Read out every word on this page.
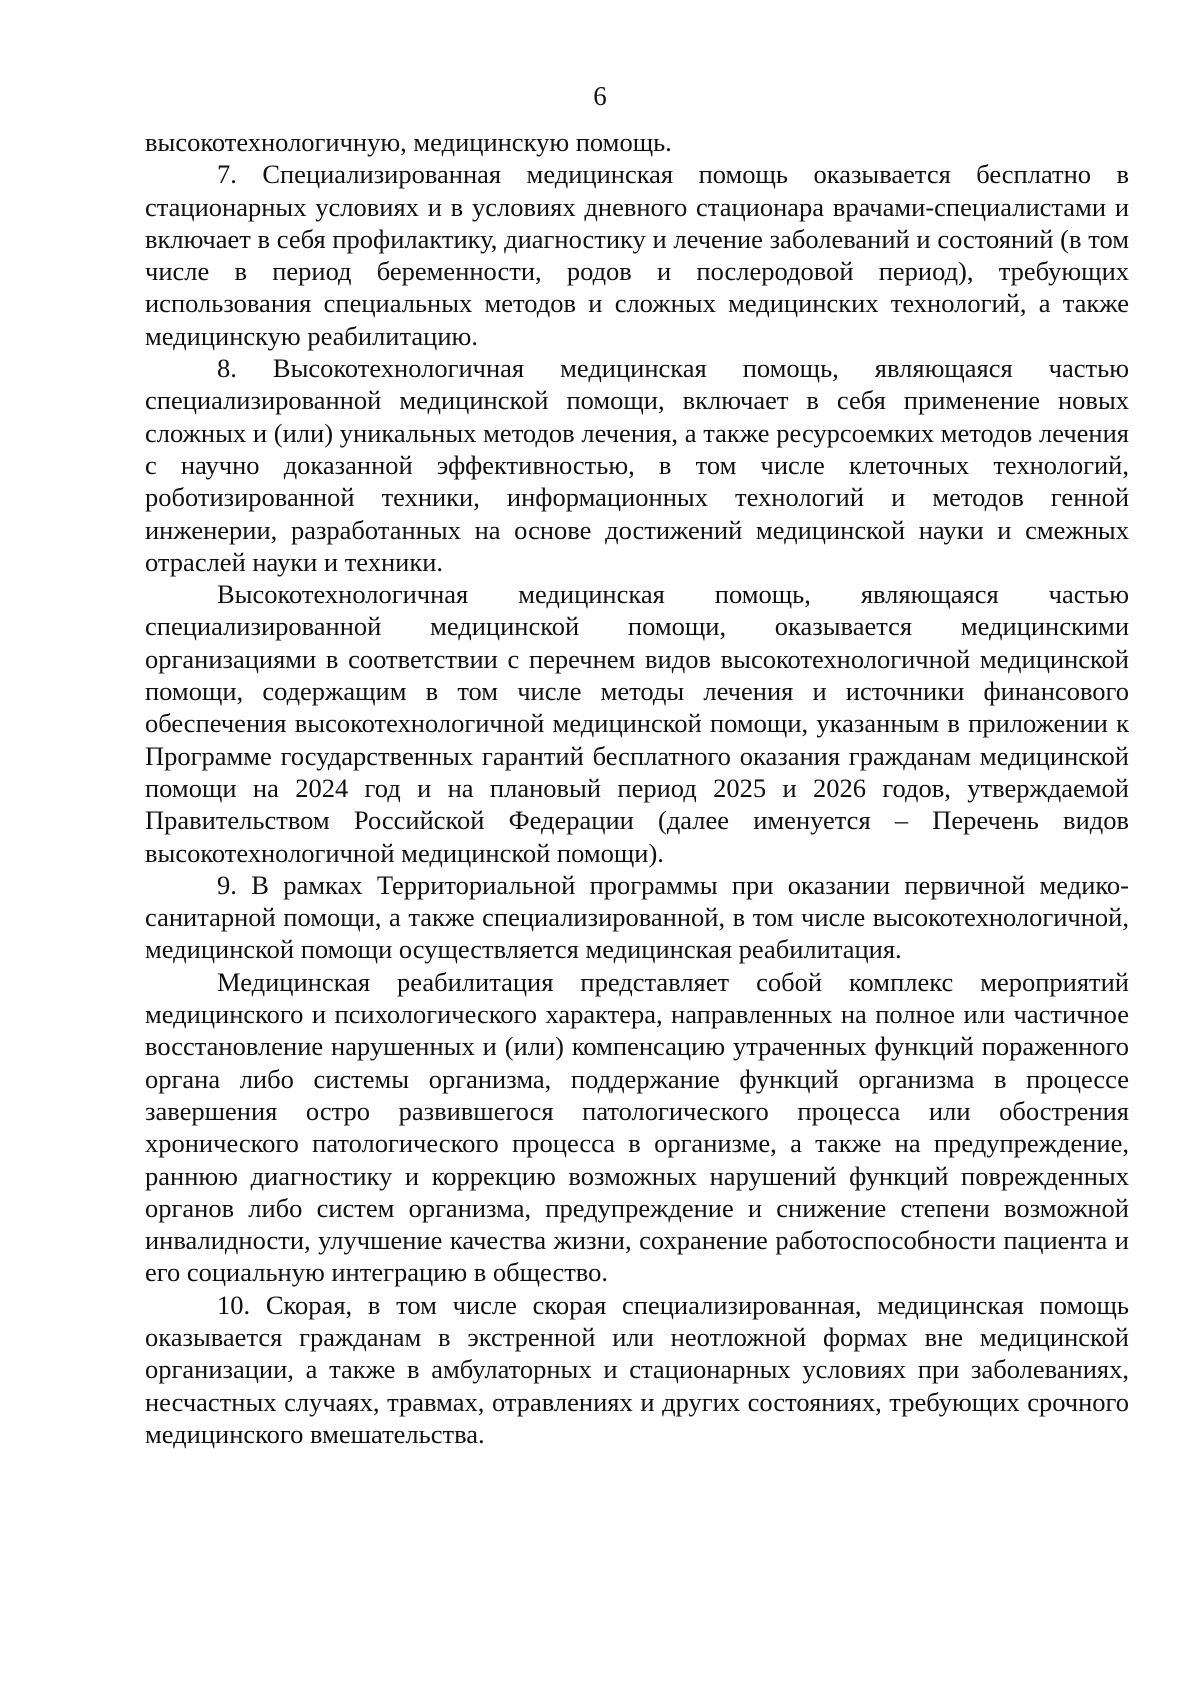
6

высокотехнологичную, медицинскую помощь.

7. Специализированная медицинская помощь оказывается бесплатно в стационарных условиях и в условиях дневного стационара врачами-специалистами и включает в себя профилактику, диагностику и лечение заболеваний и состояний (в том числе в период беременности, родов и послеродовой период), требующих использования специальных методов и сложных медицинских технологий, а также медицинскую реабилитацию.

8. Высокотехнологичная медицинская помощь, являющаяся частью специализированной медицинской помощи, включает в себя применение новых сложных и (или) уникальных методов лечения, а также ресурсоемких методов лечения с научно доказанной эффективностью, в том числе клеточных технологий, роботизированной техники, информационных технологий и методов генной инженерии, разработанных на основе достижений медицинской науки и смежных отраслей науки и техники.

Высокотехнологичная медицинская помощь, являющаяся частью специализированной медицинской помощи, оказывается медицинскими организациями в соответствии с перечнем видов высокотехнологичной медицинской помощи, содержащим в том числе методы лечения и источники финансового обеспечения высокотехнологичной медицинской помощи, указанным в приложении к Программе государственных гарантий бесплатного оказания гражданам медицинской помощи на 2024 год и на плановый период 2025 и 2026 годов, утверждаемой Правительством Российской Федерации (далее именуется – Перечень видов высокотехнологичной медицинской помощи).

9. В рамках Территориальной программы при оказании первичной медико-санитарной помощи, а также специализированной, в том числе высокотехнологичной, медицинской помощи осуществляется медицинская реабилитация.

Медицинская реабилитация представляет собой комплекс мероприятий медицинского и психологического характера, направленных на полное или частичное восстановление нарушенных и (или) компенсацию утраченных функций пораженного органа либо системы организма, поддержание функций организма в процессе завершения остро развившегося патологического процесса или обострения хронического патологического процесса в организме, а также на предупреждение, раннюю диагностику и коррекцию возможных нарушений функций поврежденных органов либо систем организма, предупреждение и снижение степени возможной инвалидности, улучшение качества жизни, сохранение работоспособности пациента и его социальную интеграцию в общество.

10. Скорая, в том числе скорая специализированная, медицинская помощь оказывается гражданам в экстренной или неотложной формах вне медицинской организации, а также в амбулаторных и стационарных условиях при заболеваниях, несчастных случаях, травмах, отравлениях и других состояниях, требующих срочного медицинского вмешательства.
